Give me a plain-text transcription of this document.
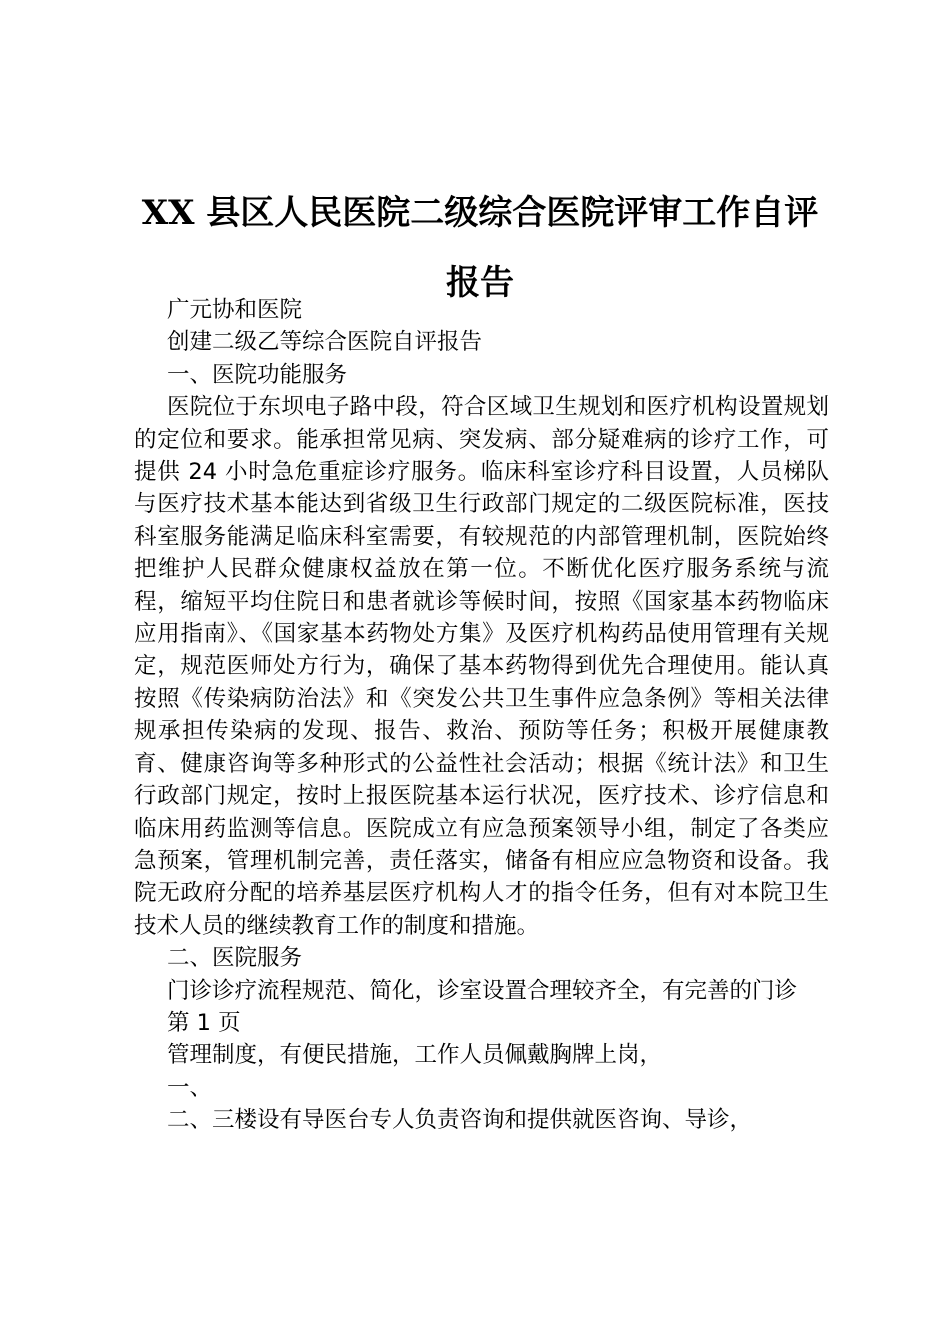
XX 县区人民医院二级综合医院评审工作自评
报告

广元协和医院

创建二级乙等综合医院自评报告

一、医院功能服务

医院位于东坝电子路中段，符合区域卫生规划和医疗机构设置规划的定位和要求。能承担常见病、突发病、部分疑难病的诊疗工作，可提供 24 小时急危重症诊疗服务。临床科室诊疗科目设置，人员梯队与医疗技术基本能达到省级卫生行政部门规定的二级医院标准，医技科室服务能满足临床科室需要，有较规范的内部管理机制，医院始终把维护人民群众健康权益放在第一位。不断优化医疗服务系统与流程，缩短平均住院日和患者就诊等候时间，按照《国家基本药物临床应用指南》、《国家基本药物处方集》及医疗机构药品使用管理有关规定，规范医师处方行为，确保了基本药物得到优先合理使用。能认真按照《传染病防治法》和《突发公共卫生事件应急条例》等相关法律规承担传染病的发现、报告、救治、预防等任务；积极开展健康教育、健康咨询等多种形式的公益性社会活动；根据《统计法》和卫生行政部门规定，按时上报医院基本运行状况，医疗技术、诊疗信息和临床用药监测等信息。医院成立有应急预案领导小组，制定了各类应急预案，管理机制完善，责任落实，储备有相应应急物资和设备。我院无政府分配的培养基层医疗机构人才的指令任务，但有对本院卫生技术人员的继续教育工作的制度和措施。

二、医院服务

门诊诊疗流程规范、简化，诊室设置合理较齐全，有完善的门诊

第 1 页

管理制度，有便民措施，工作人员佩戴胸牌上岗，

一、

二、三楼设有导医台专人负责咨询和提供就医咨询、导诊，
